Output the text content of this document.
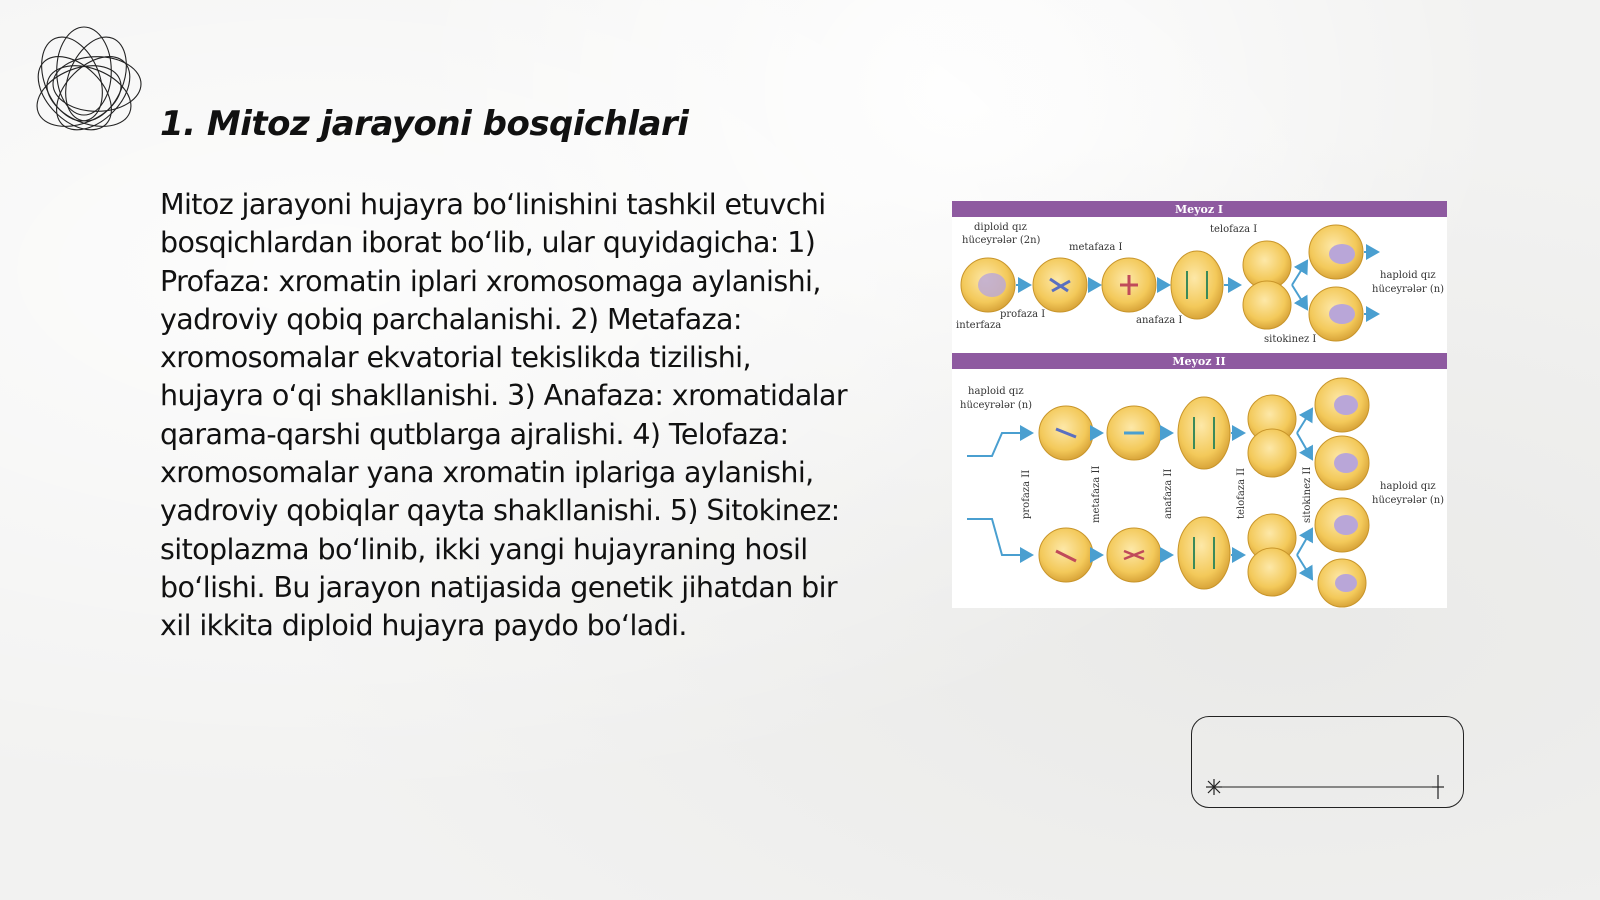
1. Mitoz jarayoni bosqichlari

Mitoz jarayoni hujayra boʻlinishini tashkil etuvchi bosqichlardan iborat boʻlib, ular quyidagicha: 1) Profaza: xromatin iplari xromosomaga aylanishi, yadroviy qobiq parchalanishi. 2) Metafaza: xromosomalar ekvatorial tekislikda tizilishi, hujayra oʻqi shakllanishi. 3) Anafaza: xromatidalar qarama-qarshi qutblarga ajralishi. 4) Telofaza: xromosomalar yana xromatin iplariga aylanishi, yadroviy qobiqlar qayta shakllanishi. 5) Sitokinez: sitoplazma boʻlinib, ikki yangi hujayraning hosil boʻlishi. Bu jarayon natijasida genetik jihatdan bir xil ikkita diploid hujayra paydo boʻladi.

Meyoz I
diploid qız
hüceyrələr (2n)
metafaza I
telofaza I
haploid qız
hüceyrələr (n)
interfaza
profaza I
anafaza I
sitokinez I
Meyoz II
haploid qız
hüceyrələr (n)
haploid qız
hüceyrələr (n)
profaza II	metafaza II	anafaza II	telofaza II	sitokinez II
